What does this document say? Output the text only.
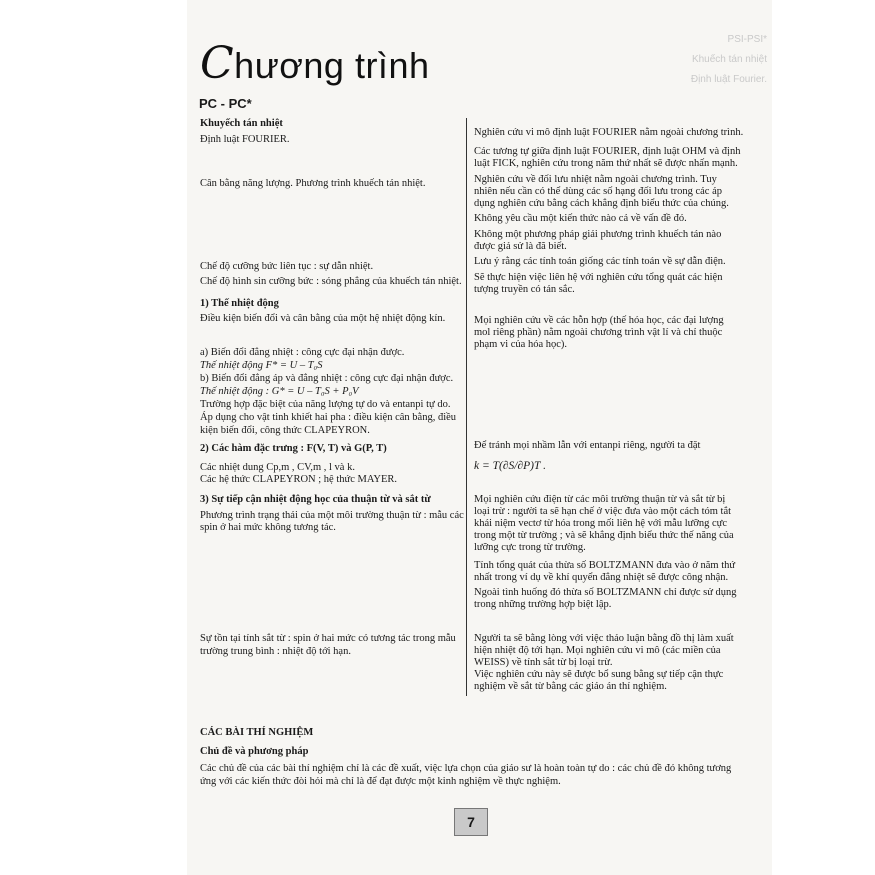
PSI-PSI*
Khuếch tán nhiệt
Định luật Fourier.
Chương trình
PC - PC*
Khuyếch tán nhiệt
Định luật FOURIER.
Cân bằng năng lượng. Phương trình khuếch tán nhiệt.
Chế độ cưỡng bức liên tục : sự dẫn nhiệt.
Chế độ hình sin cưỡng bức : sóng phẳng của khuếch tán nhiệt.
1) Thế nhiệt động
Điều kiện biến đổi và cân bằng của một hệ nhiệt động kín.
a) Biến đổi đẳng nhiệt : công cực đại nhận được.
Thế nhiệt động F* = U – T₀S
b) Biến đổi đẳng áp và đẳng nhiệt : công cực đại nhận được.
Thế nhiệt động : G* = U – T₀S + P₀V
Trường hợp đặc biệt của năng lượng tự do và entanpi tự do.
Áp dụng cho vật tinh khiết hai pha : điều kiện cân bằng, điều
kiện biến đổi, công thức CLAPEYRON.
2) Các hàm đặc trưng : F(V, T) và G(P, T)
Các nhiệt dung Cp,m , CV,m , l và k.
Các hệ thức CLAPEYRON ; hệ thức MAYER.
3) Sự tiếp cận nhiệt động học của thuận từ và sắt từ
Phương trình trạng thái của một môi trường thuận từ : mẫu các
spin ở hai mức không tương tác.
Sự tồn tại tính sắt từ : spin ở hai mức có tương tác trong mẫu
trường trung bình : nhiệt độ tới hạn.
Nghiên cứu vi mô định luật FOURIER nằm ngoài chương trình.
Các tương tự giữa định luật FOURIER, định luật OHM và định
luật FICK, nghiên cứu trong năm thứ nhất sẽ được nhấn mạnh.
Nghiên cứu về đối lưu nhiệt nằm ngoài chương trình. Tuy
nhiên nếu cần có thể dùng các số hạng đối lưu trong các áp
dụng nghiên cứu bằng cách khẳng định biểu thức của chúng.
Không yêu cầu một kiến thức nào cả về vấn đề đó.
Không một phương pháp giải phương trình khuếch tán nào
được giả sử là đã biết.
Lưu ý rằng các tính toán giống các tính toán về sự dẫn điện.
Sẽ thực hiện việc liên hệ với nghiên cứu tổng quát các hiện
tượng truyền có tán sắc.
Mọi nghiên cứu về các hỗn hợp (thế hóa học, các đại lượng
mol riêng phần) nằm ngoài chương trình vật lí và chỉ thuộc
phạm vi của hóa học).
Để tránh mọi nhầm lẫn với entanpi riêng, người ta đặt
k = T(∂S/∂P)T .
Mọi nghiên cứu điện từ các môi trường thuận từ và sắt từ bị
loại trừ : người ta sẽ hạn chế ở việc đưa vào một cách tóm tắt
khái niệm vectơ từ hóa trong mối liên hệ với mẫu lưỡng cực
trong một từ trường ; và sẽ khẳng định biểu thức thế năng của
lưỡng cực trong từ trường.
Tính tổng quát của thừa số BOLTZMANN đưa vào ở năm thứ
nhất trong ví dụ về khí quyển đẳng nhiệt sẽ được công nhận.
Ngoài tình huống đó thừa số BOLTZMANN chỉ được sử dụng
trong những trường hợp biệt lập.
Người ta sẽ bằng lòng với việc thảo luận bằng đồ thị làm xuất
hiện nhiệt độ tới hạn. Mọi nghiên cứu vi mô (các miền của
WEISS) về tính sắt từ bị loại trừ.
Việc nghiên cứu này sẽ được bổ sung bằng sự tiếp cận thực
nghiệm về sắt từ bằng các giáo án thí nghiệm.
CÁC BÀI THÍ NGHIỆM
Chủ đề và phương pháp
Các chủ đề của các bài thí nghiệm chỉ là các đề xuất, việc lựa chọn của giáo sư là hoàn toàn tự do : các chủ đề đó không tương
ứng với các kiến thức đòi hỏi mà chỉ là để đạt được một kinh nghiệm về thực nghiệm.
7
